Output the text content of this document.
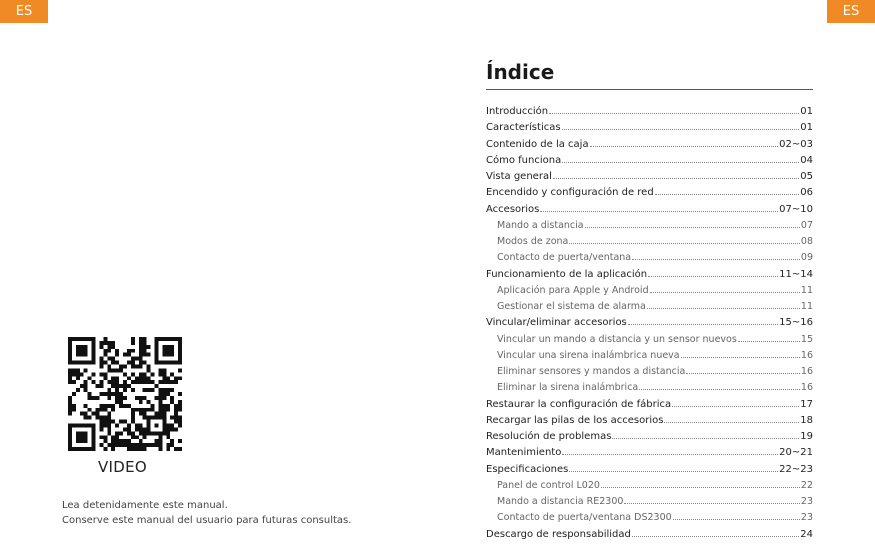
ES	ES
VIDEO
Lea detenidamente este manual.
Conserve este manual del usuario para futuras consultas.
Índice
Introducción	01
Características	01
Contenido de la caja	02~03
Cómo funciona	04
Vista general	05
Encendido y configuración de red	06
Accesorios	07~10
Mando a distancia	07
Modos de zona	08
Contacto de puerta/ventana	09
Funcionamiento de la aplicación	11~14
Aplicación para Apple y Android	11
Gestionar el sistema de alarma	11
Vincular/eliminar accesorios	15~16
Vincular un mando a distancia y un sensor nuevos	15
Vincular una sirena inalámbrica nueva	16
Eliminar sensores y mandos a distancia	16
Eliminar la sirena inalámbrica	16
Restaurar la configuración de fábrica	17
Recargar las pilas de los accesorios	18
Resolución de problemas	19
Mantenimiento	20~21
Especificaciones	22~23
Panel de control L020	22
Mando a distancia RE2300	23
Contacto de puerta/ventana DS2300	23
Descargo de responsabilidad	24
